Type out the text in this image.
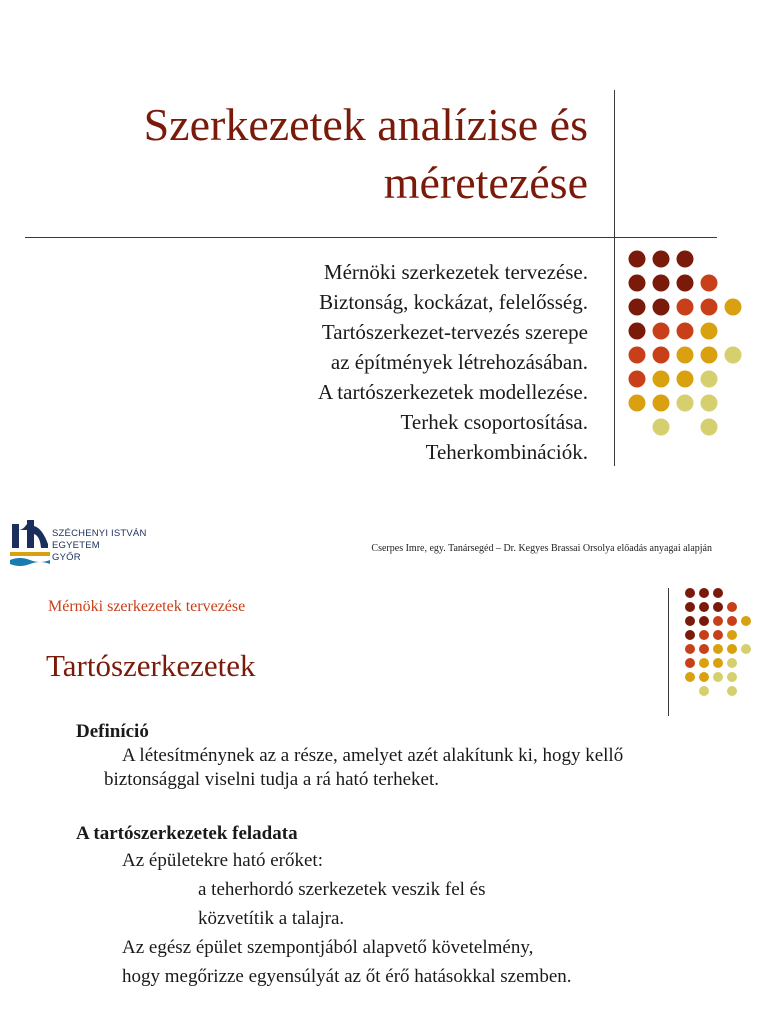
Szerkezetek analízise és
méretezése
Mérnöki szerkezetek tervezése.
Biztonság, kockázat, felelősség.
Tartószerkezet-tervezés szerepe
az építmények létrehozásában.
A tartószerkezetek modellezése.
Terhek csoportosítása.
Teherkombinációk.
SZÉCHENYI ISTVÁN
EGYETEM
GYŐR
Cserpes Imre, egy. Tanársegéd – Dr. Kegyes Brassai Orsolya előadás anyagai alapján
Mérnöki szerkezetek tervezése
Tartószerkezetek
Definíció
A létesítménynek az a része, amelyet azét alakítunk ki, hogy kellő
biztonsággal viselni tudja a rá ható terheket.
A tartószerkezetek feladata
Az épületekre ható erőket:
a teherhordó szerkezetek veszik fel és
közvetítik a talajra.
Az egész épület szempontjából alapvető követelmény,
hogy megőrizze egyensúlyát az őt érő hatásokkal szemben.
